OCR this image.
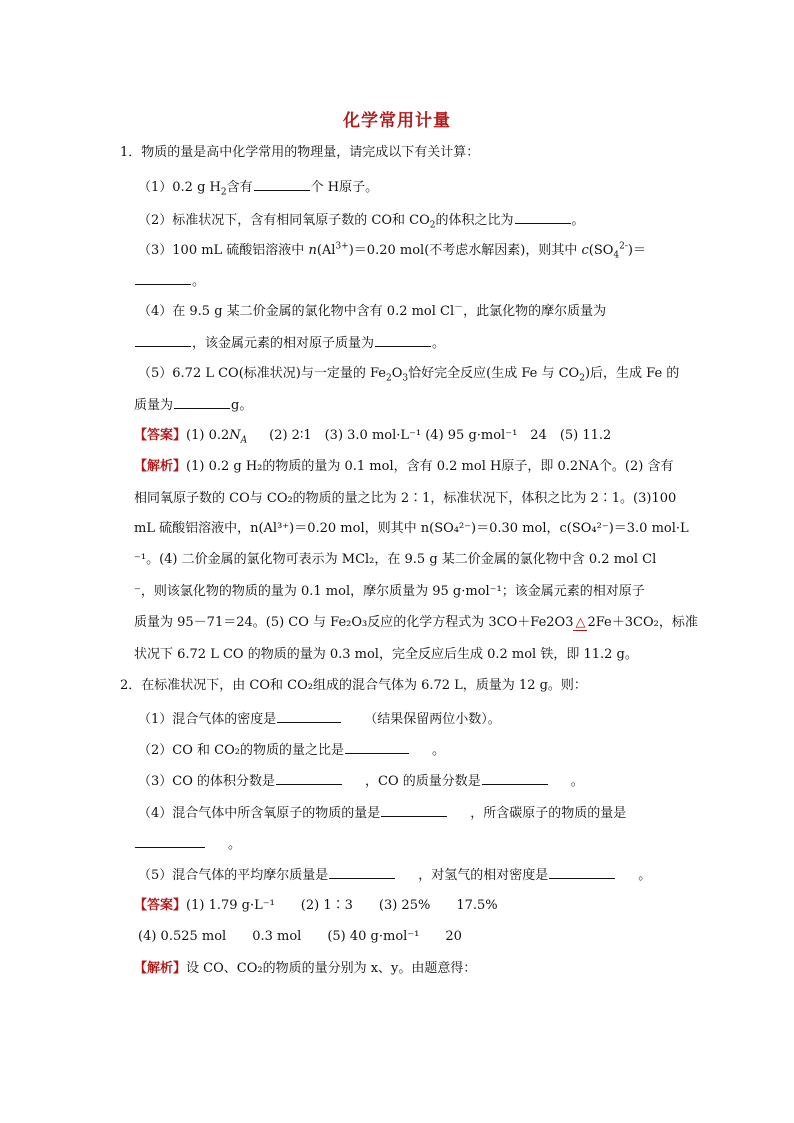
化学常用计量
1．物质的量是高中化学常用的物理量，请完成以下有关计算：
（1）0.2 g $H_2$含有	个 H原子。
（2）标准状况下，含有相同氧原子数的 CO和 $CO_2$的体积之比为	。
（3）100 mL 硫酸铝溶液中 $n(Al^{3+})=0.20$ mol(不考虑水解因素)，则其中 $c(SO_4^{2-})=$
。
（4）在 9.5 g 某二价金属的氯化物中含有 0.2 mol Cl－，此氯化物的摩尔质量为
，该金属元素的相对原子质量为	。
（5）6.72 L CO(标准状况)与一定量的 $Fe_2O_3$恰好完全反应(生成 Fe 与 $CO_2$)后，生成 Fe 的
质量为	g。
【答案】(1) $0.2N_A$ (2) 2∶1　(3) 3.0 mol·L⁻¹ (4) 95 g·mol⁻¹　24　(5) 11.2
【解析】(1) 0.2 g H₂的物质的量为 0.1 mol，含有 0.2 mol H原子，即 0.2NA个。(2) 含有
相同氧原子数的 CO与 CO₂的物质的量之比为 2∶1，标准状况下，体积之比为 2∶1。(3)100
mL 硫酸铝溶液中，n(Al³⁺)＝0.20 mol，则其中 n(SO₄²⁻)＝0.30 mol，c(SO₄²⁻)＝3.0 mol·L
⁻¹。(4) 二价金属的氯化物可表示为 MCl₂，在 9.5 g 某二价金属的氯化物中含 0.2 mol Cl
⁻，则该氯化物的物质的量为 0.1 mol，摩尔质量为 95 g·mol⁻¹；该金属元素的相对原子
质量为 95－71＝24。(5) CO 与 Fe₂O₃反应的化学方程式为 3CO＋Fe2O3 △ 2Fe＋3CO₂，标准
状况下 6.72 L CO 的物质的量为 0.3 mol，完全反应后生成 0.2 mol 铁，即 11.2 g。
2．在标准状况下，由 CO和 CO₂组成的混合气体为 6.72 L，质量为 12 g。则：
（1）混合气体的密度是	（结果保留两位小数）。
（2）CO 和 CO₂的物质的量之比是	。
（3）CO 的体积分数是	，CO 的质量分数是	。
（4）混合气体中所含氧原子的物质的量是	，所含碳原子的物质的量是
。
（5）混合气体的平均摩尔质量是	，对氢气的相对密度是	。
【答案】(1) 1.79 g·L⁻¹　　(2) 1∶3　　(3) 25%　　17.5%
(4) 0.525 mol　　0.3 mol　　(5) 40 g·mol⁻¹　　20
【解析】设 CO、CO₂的物质的量分别为 x、y。由题意得：
